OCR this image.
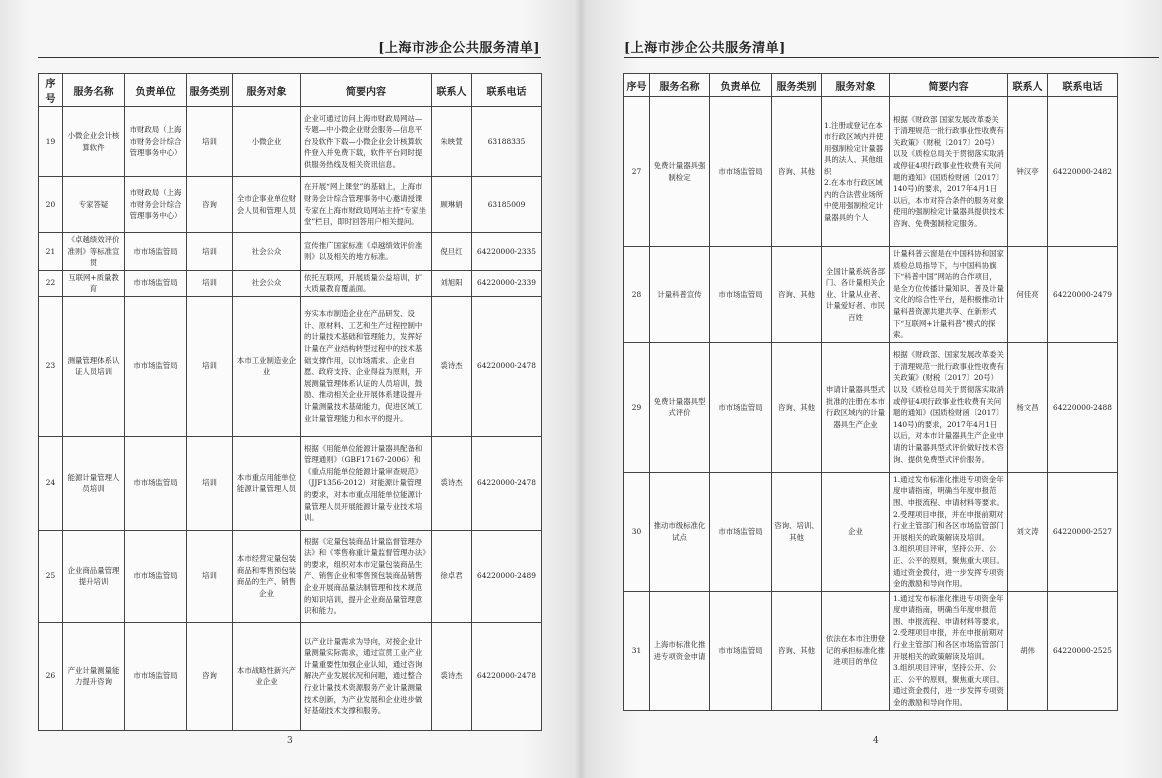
[上海市涉企公共服务清单]
序号	服务名称	负责单位	服务类别	服务对象	简要内容	联系人	联系电话
19	小微企业会计核算软件	市财政局（上海市财务会计综合管理事务中心）	培训	小微企业	企业可通过访问上海市财政局网站—专题—中小微企业财会服务—信息平台及软件下载—小微企业会计核算软件登入并免费下载，软件平台同时提供服务热线及相关资讯信息。	朱映萱	63188335
20	专家答疑	市财政局（上海市财务会计综合管理事务中心）	咨询	全市企事业单位财会人员和管理人员	在开展“网上课堂”的基础上，上海市财务会计综合管理事务中心邀请授课专家在上海市财政局网站主持“专家坐堂”栏目，即时回答用户相关提问。	顾琳娟	63185009
21	《卓越绩效评价准则》等标准宣贯	市市场监管局	培训	社会公众	宣传推广国家标准《卓越绩效评价准则》以及相关的地方标准。	倪旦红	64220000-2335
22	互联网+质量教育	市市场监管局	培训	社会公众	依托互联网，开展质量公益培训，扩大质量教育覆盖面。	刘旭阳	64220000-2339
23	测量管理体系认证人员培训	市市场监管局	培训	本市工业制造业企业	夯实本市制造企业在产品研发、设计、原材料、工艺和生产过程控制中的计量技术基础和管理能力，发挥好计量在产业结构转型过程中的技术基础支撑作用，以市场需求、企业自愿、政府支持、企业得益为原则，开展测量管理体系认证的人员培训，鼓励、推动相关企业开展体系建设提升计量测量技术基础能力，促进区域工业计量管理能力和水平的提升。	裘诗杰	64220000-2478
24	能源计量管理人员培训	市市场监管局	培训	本市重点用能单位能源计量管理人员	根据《用能单位能源计量器具配备和管理通则》（GBF17167-2006）和《重点用能单位能源计量审查规范》（JJF1356-2012）对能源计量管理的要求，对本市重点用能单位能源计量管理人员开展能源计量专业技术培训。	裘诗杰	64220000-2478
25	企业商品量管理提升培训	市市场监管局	培训	本市经营定量包装商品和零售预包装商品的生产、销售企业	根据《定量包装商品计量监督管理办法》和《零售称重计量监督管理办法》的要求，组织对本市定量包装商品生产、销售企业和零售预包装商品销售企业开展商品量法制管理和技术规范的知识培训，提升企业商品量管理意识和能力。	徐卓君	64220000-2489
26	产业计量测量能力提升咨询	市市场监管局	咨询	本市战略性新兴产业企业	以产业计量需求为导向，对接企业计量测量实际需求，通过宣贯工业产业计量重要性加强企业认知，通过咨询解决产业发展状况和问题，通过整合行业计量技术资源服务产业计量测量技术创新，为产业发展和企业进步做好基础技术支撑和服务。	裘诗杰	64220000-2478
3
[上海市涉企公共服务清单]
序号	服务名称	负责单位	服务类别	服务对象	简要内容	联系人	联系电话
27	免费计量器具强制检定	市市场监管局	咨询、其他	1.注册或登记在本市行政区域内并使用强制检定计量器具的法人、其他组织
2.在本市行政区域内的合法营业场所中使用强制检定计量器具的个人	根据《财政部 国家发展改革委关于清理规范一批行政事业性收费有关政策》（财税〔2017〕20号）以及《质检总局关于贯彻落实取消或停征4项行政事业性收费有关问题的通知》(国质检财函〔2017〕140号)的要求，2017年4月1日以后，本市对符合条件的服务对象使用的强制检定计量器具提供技术咨询、免费强制检定服务。	钟汉亭	64220000-2482
28	计量科普宣传	市市场监管局	咨询、其他	全国计量系统各部门、各计量相关企业、计量从业者、计量爱好者、市民百姓	计量科普云窗是在中国科协和国家质检总局指导下，与中国科协旗下“科普中国”网站的合作项目，是全方位传播计量知识、普及计量文化的综合性平台，是积极推动计量科普资源共建共享、在新形式下“互联网+计量科普”模式的探索。	何佳亮	64220000-2479
29	免费计量器具型式评价	市市场监管局	咨询、其他	申请计量器具型式批准的注册在本市行政区域内的计量器具生产企业	根据《财政部、国家发展改革委关于清理规范一批行政事业性收费有关政策》(财税〔2017〕20号）以及《质检总局关于贯彻落实取消或停征4项行政事业性收费有关问题的通知》(国质检财函〔2017〕140号)的要求，2017年4月1日以后，对本市计量器具生产企业申请的计量器具型式评价做好技术咨询、提供免费型式评价服务。	杨文昌	64220000-2488
30	推动市级标准化试点	市市场监管局	咨询、培训、其他	企业	1.通过发布标准化推进专项资金年度申请指南，明确当年度申报范围、申报流程、申请材料等要求。
2.受理项目申报，并在申报前期对行业主管部门和各区市场监管部门开展相关的政策解读及培训。
3.组织项目评审，坚持公开、公正、公平的原则，聚焦重大项目。通过资金拨付，进一步发挥专项资金的激励和导向作用。	刘文涛	64220000-2527
31	上海市标准化推进专项资金申请	市市场监管局	咨询、其他	依法在本市注册登记的承担标准化推进项目的单位	1.通过发布标准化推进专项资金年度申请指南，明确当年度申报范围、申报流程、申请材料等要求。
2.受理项目申报，并在申报前期对行业主管部门和各区市场监管部门开展相关的政策解读及培训。
3.组织项目评审，坚持公开、公正、公平的原则，聚焦重大项目。通过资金拨付，进一步发挥专项资金的激励和导向作用。	胡伟	64220000-2525
4
